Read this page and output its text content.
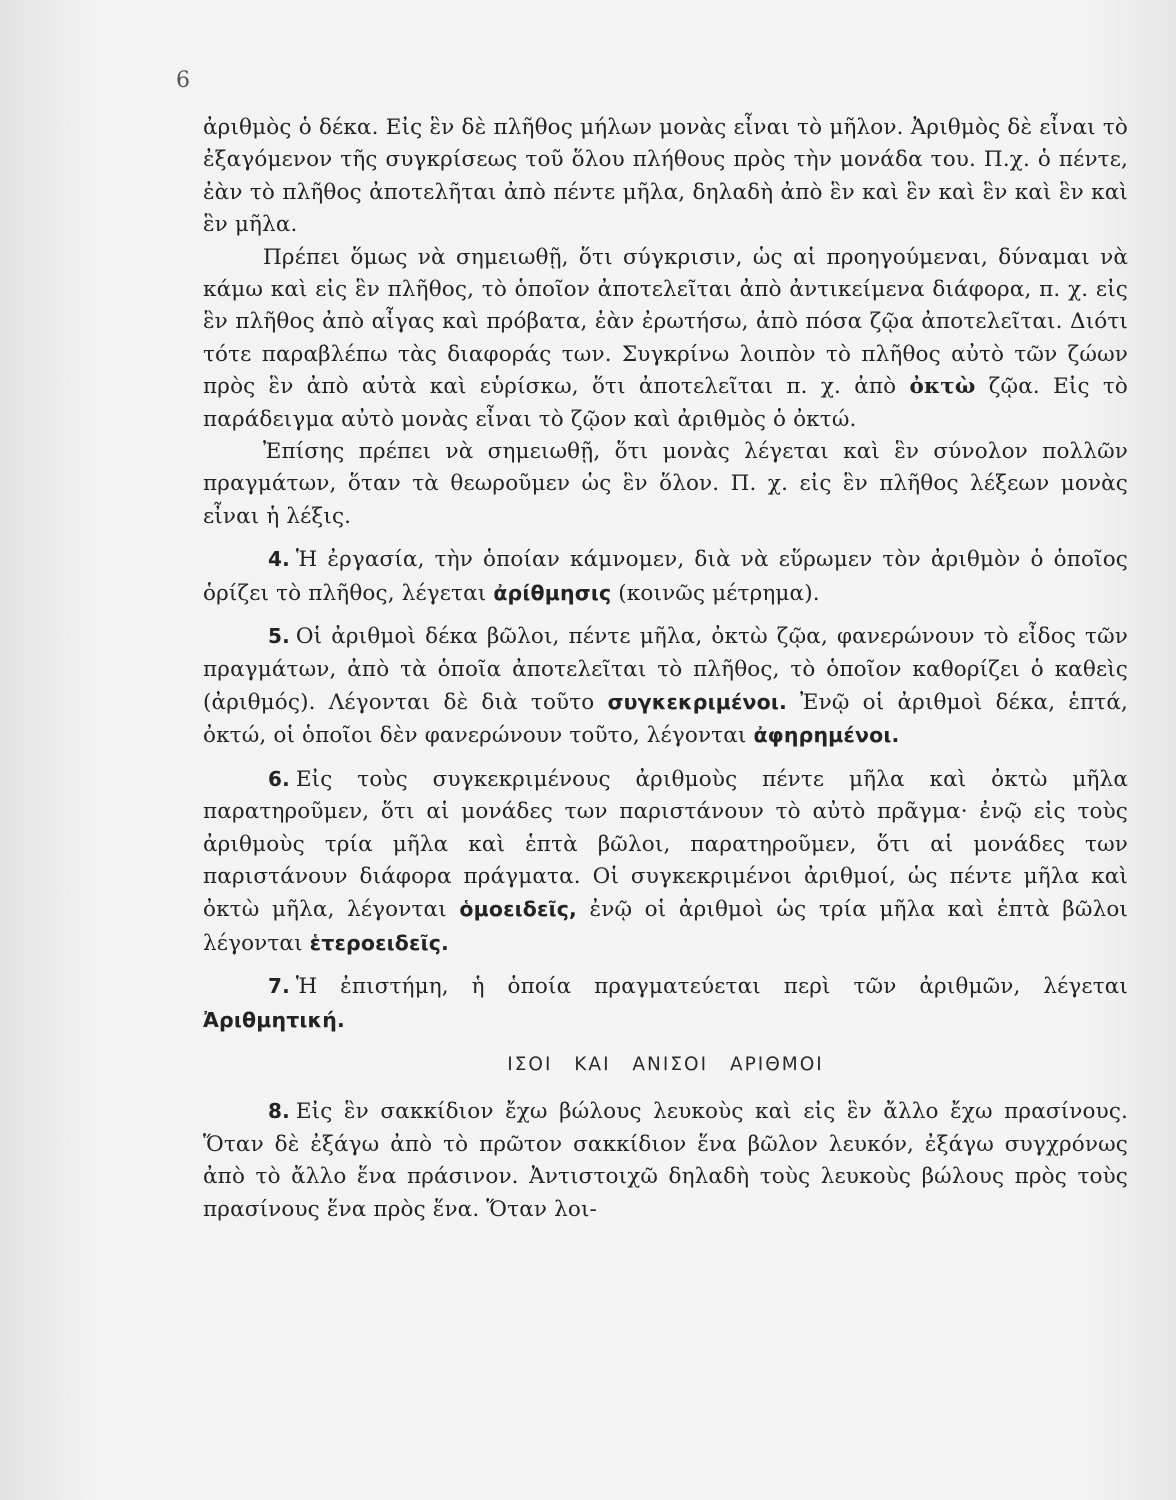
6

ἀριθμὸς ὁ δέκα. Εἰς ἓν δὲ πλῆθος μήλων μονὰς εἶναι τὸ μῆλον. Ἀριθμὸς δὲ εἶναι τὸ ἐξαγόμενον τῆς συγκρίσεως τοῦ ὅλου πλήθους πρὸς τὴν μονάδα του. Π.χ. ὁ πέντε, ἐὰν τὸ πλῆθος ἀποτελῆται ἀπὸ πέντε μῆλα, δηλαδὴ ἀπὸ ἓν καὶ ἓν καὶ ἓν καὶ ἓν καὶ ἓν μῆλα.

Πρέπει ὅμως νὰ σημειωθῇ, ὅτι σύγκρισιν, ὡς αἱ προηγούμεναι, δύναμαι νὰ κάμω καὶ εἰς ἓν πλῆθος, τὸ ὁποῖον ἀποτελεῖται ἀπὸ ἀντικείμενα διάφορα, π. χ. εἰς ἓν πλῆθος ἀπὸ αἶγας καὶ πρόβατα, ἐὰν ἐρωτήσω, ἀπὸ πόσα ζῷα ἀποτελεῖται. Διότι τότε παραβλέπω τὰς διαφοράς των. Συγκρίνω λοιπὸν τὸ πλῆθος αὐτὸ τῶν ζώων πρὸς ἓν ἀπὸ αὐτὰ καὶ εὑρίσκω, ὅτι ἀποτελεῖται π. χ. ἀπὸ ὀκτὼ ζῷα. Εἰς τὸ παράδειγμα αὐτὸ μονὰς εἶναι τὸ ζῷον καὶ ἀριθμὸς ὁ ὀκτώ.

Ἐπίσης πρέπει νὰ σημειωθῇ, ὅτι μονὰς λέγεται καὶ ἓν σύνολον πολλῶν πραγμάτων, ὅταν τὰ θεωροῦμεν ὡς ἓν ὅλον. Π. χ. εἰς ἓν πλῆθος λέξεων μονὰς εἶναι ἡ λέξις.

4. Ἡ ἐργασία, τὴν ὁποίαν κάμνομεν, διὰ νὰ εὕρωμεν τὸν ἀριθμὸν ὁ ὁποῖος ὁρίζει τὸ πλῆθος, λέγεται ἀρίθμησις (κοινῶς μέτρημα).

5. Οἱ ἀριθμοὶ δέκα βῶλοι, πέντε μῆλα, ὀκτὼ ζῷα, φανερώνουν τὸ εἶδος τῶν πραγμάτων, ἀπὸ τὰ ὁποῖα ἀποτελεῖται τὸ πλῆθος, τὸ ὁποῖον καθορίζει ὁ καθεὶς (ἀριθμός). Λέγονται δὲ διὰ τοῦτο συγκεκριμένοι. Ἐνῷ οἱ ἀριθμοὶ δέκα, ἑπτά, ὀκτώ, οἱ ὁποῖοι δὲν φανερώνουν τοῦτο, λέγονται ἀφηρημένοι.

6. Εἰς τοὺς συγκεκριμένους ἀριθμοὺς πέντε μῆλα καὶ ὀκτὼ μῆλα παρατηροῦμεν, ὅτι αἱ μονάδες των παριστάνουν τὸ αὐτὸ πρᾶγμα· ἐνῷ εἰς τοὺς ἀριθμοὺς τρία μῆλα καὶ ἑπτὰ βῶλοι, παρατηροῦμεν, ὅτι αἱ μονάδες των παριστάνουν διάφορα πράγματα. Οἱ συγκεκριμένοι ἀριθμοί, ὡς πέντε μῆλα καὶ ὀκτὼ μῆλα, λέγονται ὁμοειδεῖς, ἐνῷ οἱ ἀριθμοὶ ὡς τρία μῆλα καὶ ἑπτὰ βῶλοι λέγονται ἑτεροειδεῖς.

7. Ἡ ἐπιστήμη, ἡ ὁποία πραγματεύεται περὶ τῶν ἀριθμῶν, λέγεται Ἀριθμητική.

ΙΣΟΙ ΚΑΙ ΑΝΙΣΟΙ ΑΡΙΘΜΟΙ

8. Εἰς ἓν σακκίδιον ἔχω βώλους λευκοὺς καὶ εἰς ἓν ἄλλο ἔχω πρασίνους. Ὅταν δὲ ἐξάγω ἀπὸ τὸ πρῶτον σακκίδιον ἕνα βῶλον λευκόν, ἐξάγω συγχρόνως ἀπὸ τὸ ἄλλο ἕνα πράσινον. Ἀντιστοιχῶ δηλαδὴ τοὺς λευκοὺς βώλους πρὸς τοὺς πρασίνους ἕνα πρὸς ἕνα. Ὅταν λοι-
